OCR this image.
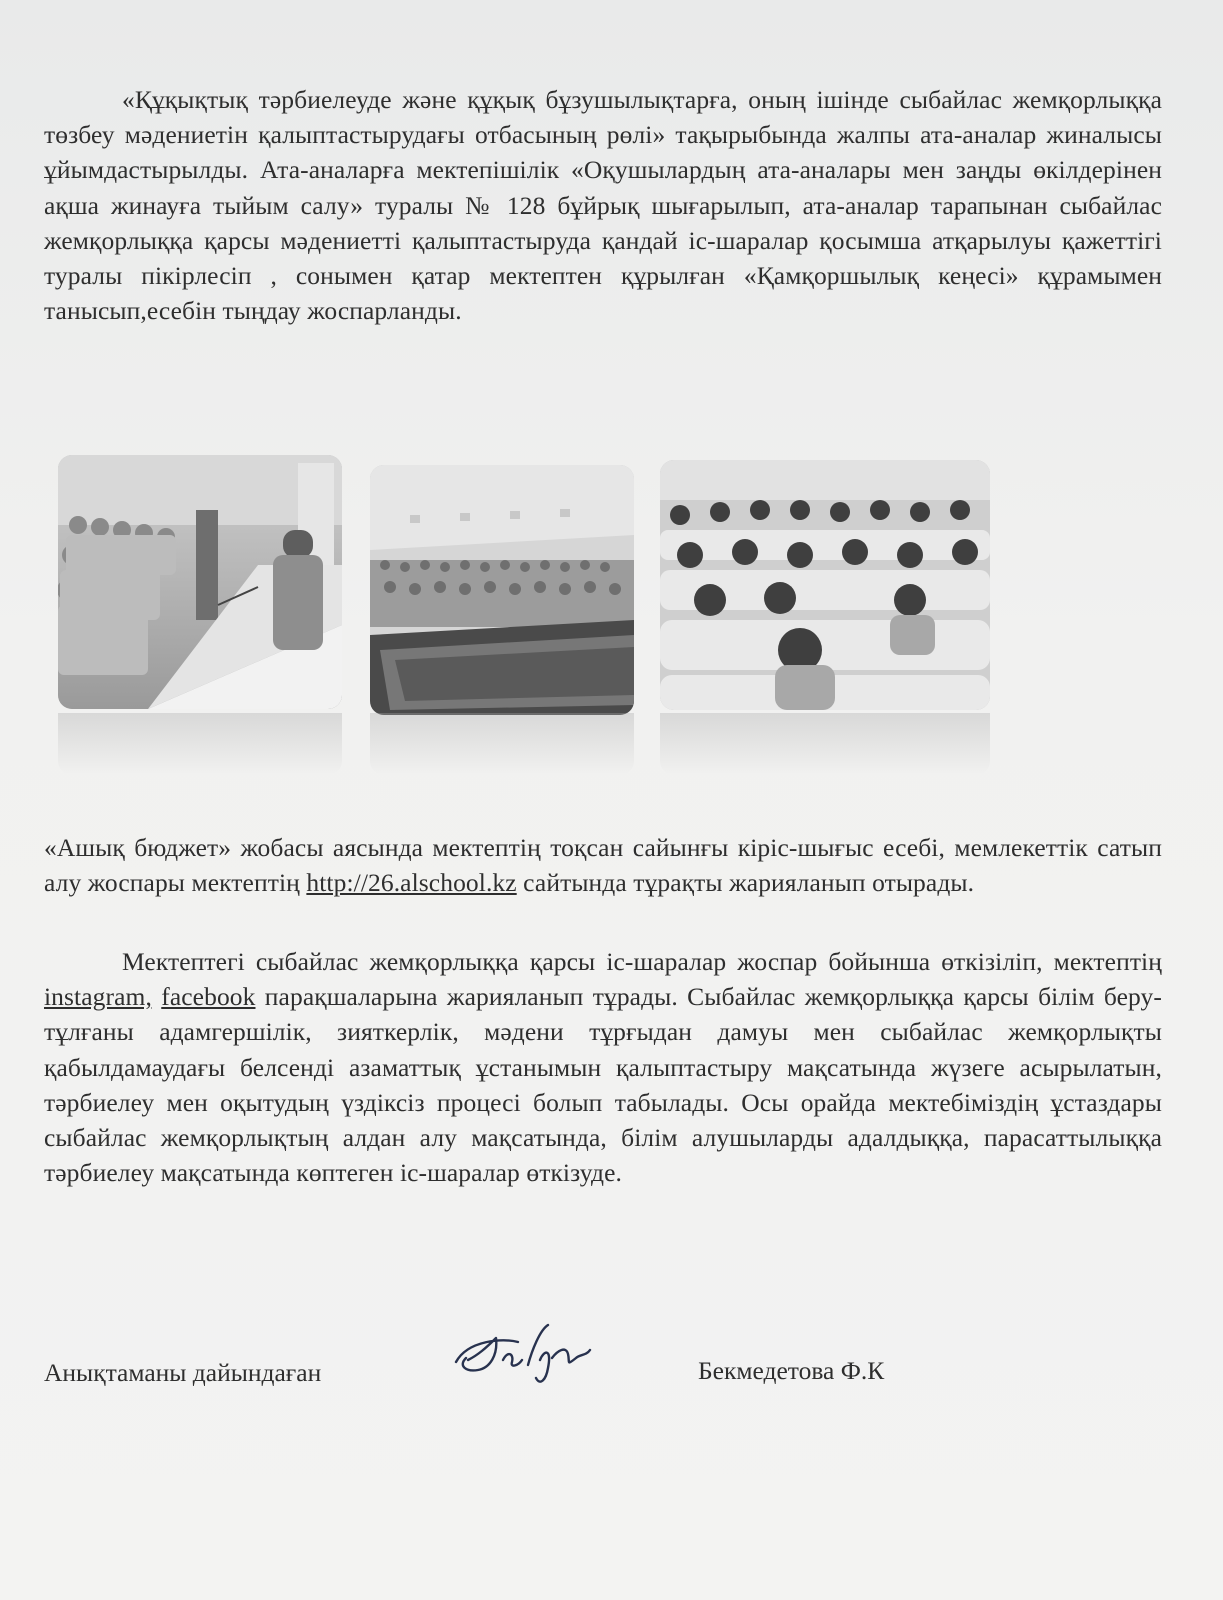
«Құқықтық тәрбиелеуде және құқық бұзушылықтарға, оның ішінде сыбайлас жемқорлыққа төзбеу мәдениетін қалыптастырудағы отбасының рөлі» тақырыбында жалпы ата-аналар жиналысы ұйымдастырылды. Ата-аналарға мектепішілік «Оқушылардың ата-аналары мен заңды өкілдерінен ақша жинауға тыйым салу» туралы № 128 бұйрық шығарылып, ата-аналар тарапынан сыбайлас жемқорлыққа қарсы мәдениетті қалыптастыруда қандай іс-шаралар қосымша атқарылуы қажеттігі туралы пікірлесіп , сонымен қатар мектептен құрылған «Қамқоршылық кеңесі» құрамымен танысып,есебін тыңдау жоспарланды.

«Ашық бюджет» жобасы аясында мектептің тоқсан сайынғы кіріс-шығыс есебі, мемлекеттік сатып алу жоспары мектептің http://26.alschool.kz сайтында тұрақты жарияланып отырады.

Мектептегі сыбайлас жемқорлыққа қарсы іс-шаралар жоспар бойынша өткізіліп, мектептің instagram, facebook парақшаларына жарияланып тұрады. Сыбайлас жемқорлыққа қарсы білім беру-тұлғаны адамгершілік, зияткерлік, мәдени тұрғыдан дамуы мен сыбайлас жемқорлықты қабылдамаудағы белсенді азаматтық ұстанымын қалыптастыру мақсатында жүзеге асырылатын, тәрбиелеу мен оқытудың үздіксіз процесі болып табылады. Осы орайда мектебіміздің ұстаздары сыбайлас жемқорлықтың алдан алу мақсатында, білім алушыларды адалдыққа, парасаттылыққа тәрбиелеу мақсатында көптеген іс-шаралар өткізуде.

Анықтаманы дайындаған	Бекмедетова Ф.К
